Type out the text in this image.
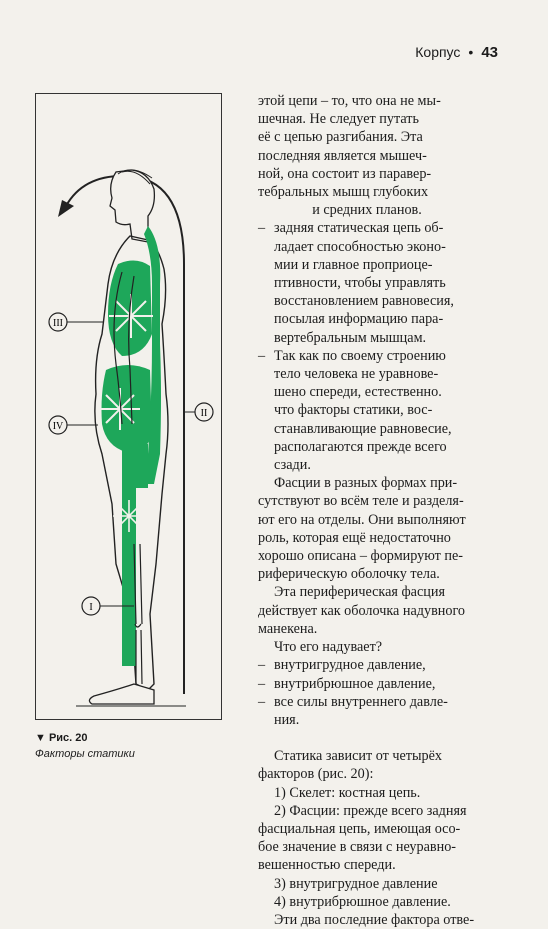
Корпус • 43
III
IV
II
I
▼ Рис. 20
Факторы статики

этой цепи – то, что она не мы-

шечная. Не следует путать

её с цепью разгибания. Эта

последняя является мышеч-

ной, она состоит из паравер-

тебральных мышц глубоких

и средних планов.

– задняя статическая цепь об-

ладает способностью эконо-

мии и главное проприоце-

птивности, чтобы управлять

восстановлением равновесия,

посылая информацию пара-

вертебральным мышцам.

– Так как по своему строению

тело человека не уравнове-

шено спереди, естественно.

что факторы статики, вос-

станавливающие равновесие,

располагаются прежде всего

сзади.

Фасции в разных формах при-

сутствуют во всём теле и разделя-

ют его на отделы. Они выполняют

роль, которая ещё недостаточно

хорошо описана – формируют пе-

риферическую оболочку тела.

Эта периферическая фасция

действует как оболочка надувного

манекена.

Что его надувает?

– внутригрудное давление,
– внутрибрюшное давление,
– все силы внутреннего давле-

ния.

Статика зависит от четырёх

факторов (рис. 20):

1) Скелет: костная цепь.

2) Фасции: прежде всего задняя

фасциальная цепь, имеющая осо-

бое значение в связи с неуравно-

вешенностью спереди.

3) внутригрудное давление

4) внутрибрюшное давление.

Эти два последние фактора отве-
